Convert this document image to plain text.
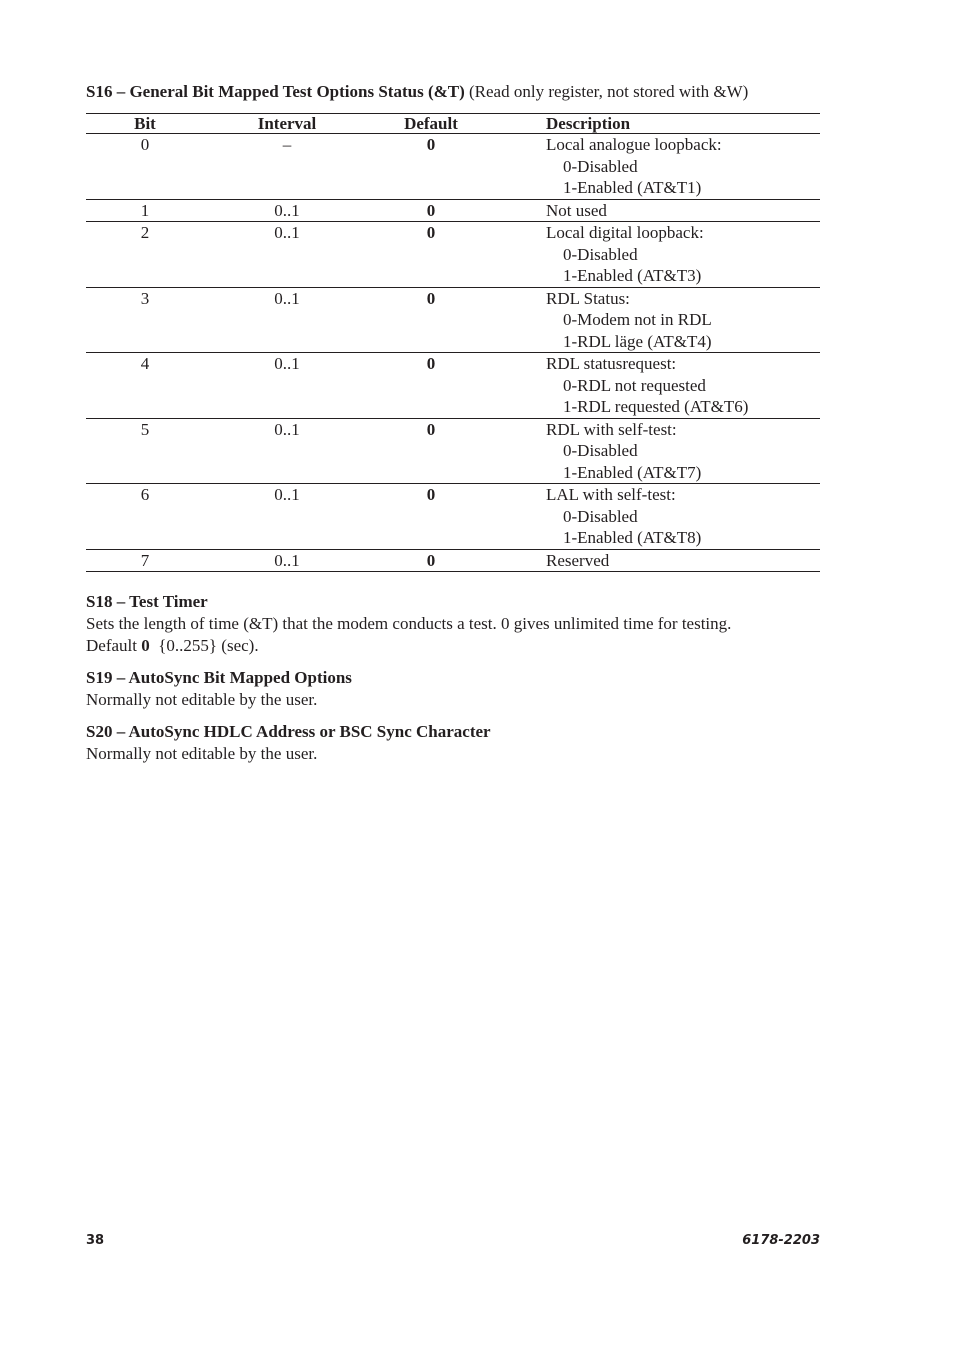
S16 – General Bit Mapped Test Options Status (&T) (Read only register, not stored with &W)

Bit	Interval	Default	Description
0	–	0	Local analogue loopback:
0-Disabled
1-Enabled (AT&T1)

1	0..1	0	Not used

2	0..1	0	Local digital loopback:
0-Disabled
1-Enabled (AT&T3)

3	0..1	0	RDL Status:
0-Modem not in RDL
1-RDL läge (AT&T4)

4	0..1	0	RDL statusrequest:
0-RDL not requested
1-RDL requested (AT&T6)

5	0..1	0	RDL with self-test:
0-Disabled
1-Enabled (AT&T7)

6	0..1	0	LAL with self-test:
0-Disabled
1-Enabled (AT&T8)

7	0..1	0	Reserved
S18 – Test Timer
Sets the length of time (&T) that the modem conducts a test. 0 gives unlimited time for testing.
Default 0 {0..255} (sec).
S19 – AutoSync Bit Mapped Options
Normally not editable by the user.
S20 – AutoSync HDLC Address or BSC Sync Character
Normally not editable by the user.
38	6178-2203
